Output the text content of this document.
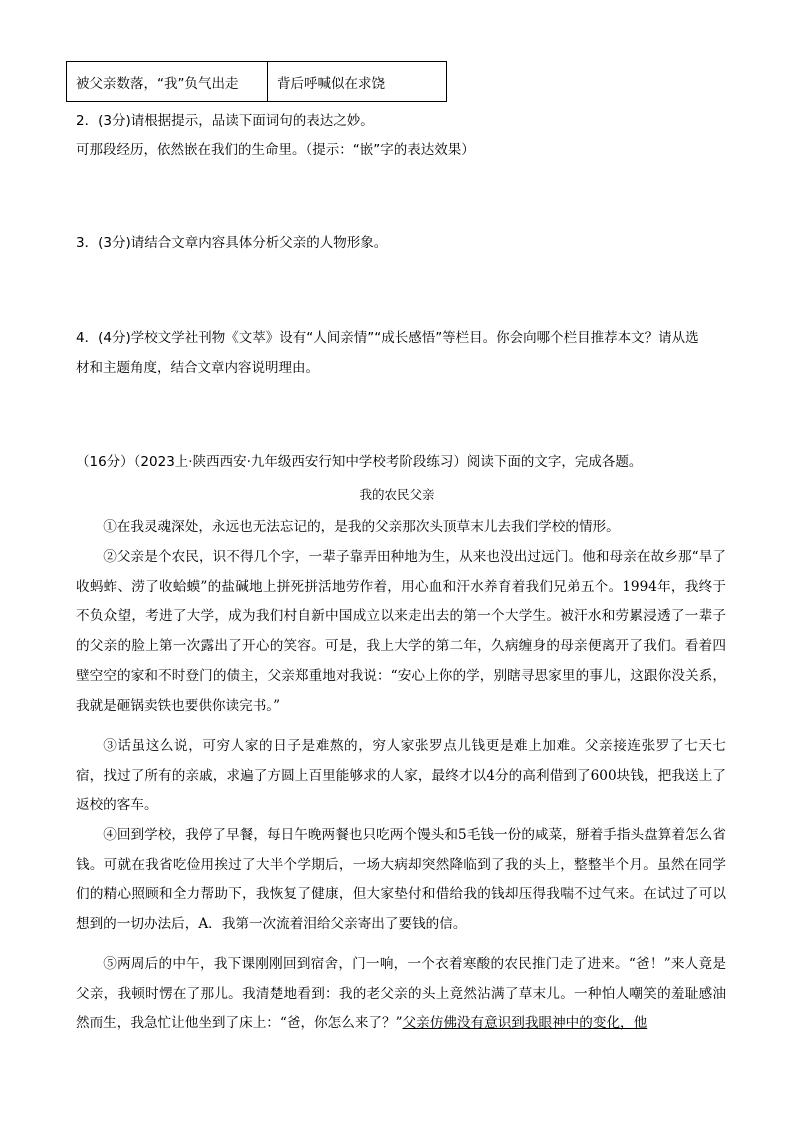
被父亲数落，“我”负气出走	背后呼喊似在求饶
2．(3分)请根据提示，品读下面词句的表达之妙。
可那段经历，依然嵌在我们的生命里。（提示：“嵌”字的表达效果）
3．(3分)请结合文章内容具体分析父亲的人物形象。
4．(4分)学校文学社刊物《文萃》设有“人间亲情”“成长感悟”等栏目。你会向哪个栏目推荐本文？请从选
材和主题角度，结合文章内容说明理由。
（16分）（2023上·陕西西安·九年级西安行知中学校考阶段练习）阅读下面的文字，完成各题。
我的农民父亲

①在我灵魂深处，永远也无法忘记的，是我的父亲那次头顶草末儿去我们学校的情形。

②父亲是个农民，识不得几个字，一辈子靠弄田种地为生，从来也没出过远门。他和母亲在故乡那“旱了收蚂蚱、涝了收蛤蟆”的盐碱地上拼死拼活地劳作着，用心血和汗水养育着我们兄弟五个。1994年，我终于不负众望，考进了大学，成为我们村自新中国成立以来走出去的第一个大学生。被汗水和劳累浸透了一辈子的父亲的脸上第一次露出了开心的笑容。可是，我上大学的第二年，久病缠身的母亲便离开了我们。看着四壁空空的家和不时登门的债主，父亲郑重地对我说：“安心上你的学，别瞎寻思家里的事儿，这跟你没关系，我就是砸锅卖铁也要供你读完书。”

③话虽这么说，可穷人家的日子是难熬的，穷人家张罗点儿钱更是难上加难。父亲接连张罗了七天七宿，找过了所有的亲戚，求遍了方圆上百里能够求的人家，最终才以4分的高利借到了600块钱，把我送上了返校的客车。

④回到学校，我停了早餐，每日午晚两餐也只吃两个馒头和5毛钱一份的咸菜，掰着手指头盘算着怎么省钱。可就在我省吃俭用挨过了大半个学期后，一场大病却突然降临到了我的头上，整整半个月。虽然在同学们的精心照顾和全力帮助下，我恢复了健康，但大家垫付和借给我的钱却压得我喘不过气来。在试过了可以想到的一切办法后，A．我第一次流着泪给父亲寄出了要钱的信。

⑤两周后的中午，我下课刚刚回到宿舍，门一响，一个衣着寒酸的农民推门走了进来。“爸！”来人竟是父亲，我顿时愣在了那儿。我清楚地看到：我的老父亲的头上竟然沾满了草末儿。一种怕人嘲笑的羞耻感油然而生，我急忙让他坐到了床上：“爸，你怎么来了？”父亲仿佛没有意识到我眼神中的变化，他
